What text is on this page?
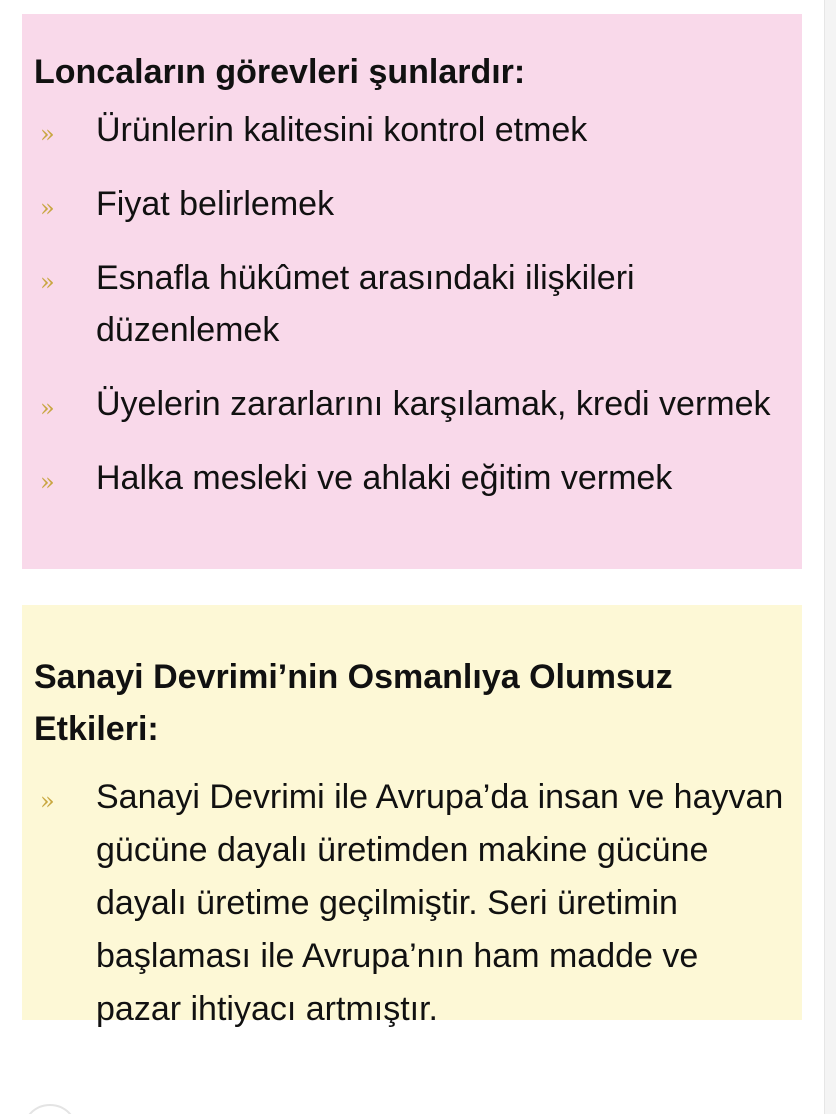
Loncaların görevleri şunlardır:
» Ürünlerin kalitesini kontrol etmek
» Fiyat belirlemek
» Esnafla hükûmet arasındaki ilişkileri düzenlemek
» Üyelerin zararlarını karşılamak, kredi vermek
» Halka mesleki ve ahlaki eğitim vermek
Sanayi Devrimi’nin Osmanlıya Olumsuz Etkileri:
» Sanayi Devrimi ile Avrupa’da insan ve hayvan gücüne dayalı üretimden makine gücüne dayalı üretime geçilmiştir. Seri üretimin başlaması ile Avrupa’nın ham madde ve pazar ihtiyacı artmıştır.
